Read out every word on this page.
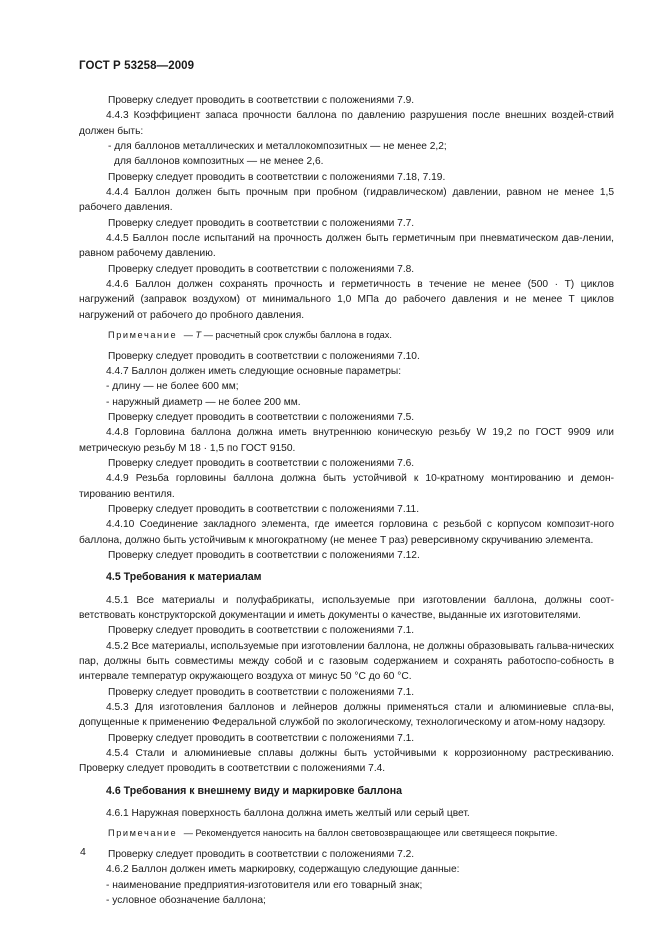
ГОСТ Р 53258—2009

Проверку следует проводить в соответствии с положениями 7.9.

4.4.3 Коэффициент запаса прочности баллона по давлению разрушения после внешних воздей-ствий должен быть:

- для баллонов металлических и металлокомпозитных — не менее 2,2;

для баллонов композитных — не менее 2,6.

Проверку следует проводить в соответствии с положениями 7.18, 7.19.

4.4.4 Баллон должен быть прочным при пробном (гидравлическом) давлении, равном не менее 1,5 рабочего давления.

Проверку следует проводить в соответствии с положениями 7.7.

4.4.5 Баллон после испытаний на прочность должен быть герметичным при пневматическом дав-лении, равном рабочему давлению.

Проверку следует проводить в соответствии с положениями 7.8.

4.4.6 Баллон должен сохранять прочность и герметичность в течение не менее (500 · T) циклов нагружений (заправок воздухом) от минимального 1,0 МПа до рабочего давления и не менее T циклов нагружений от рабочего до пробного давления.

Примечание — T — расчетный срок службы баллона в годах.

Проверку следует проводить в соответствии с положениями 7.10.

4.4.7 Баллон должен иметь следующие основные параметры:

- длину — не более 600 мм;

- наружный диаметр — не более 200 мм.

Проверку следует проводить в соответствии с положениями 7.5.

4.4.8 Горловина баллона должна иметь внутреннюю коническую резьбу W 19,2 по ГОСТ 9909 или метрическую резьбу М 18 · 1,5 по ГОСТ 9150.

Проверку следует проводить в соответствии с положениями 7.6.

4.4.9 Резьба горловины баллона должна быть устойчивой к 10-кратному монтированию и демон-тированию вентиля.

Проверку следует проводить в соответствии с положениями 7.11.

4.4.10 Соединение закладного элемента, где имеется горловина с резьбой с корпусом композит-ного баллона, должно быть устойчивым к многократному (не менее T раз) реверсивному скручиванию элемента.

Проверку следует проводить в соответствии с положениями 7.12.

4.5 Требования к материалам

4.5.1 Все материалы и полуфабрикаты, используемые при изготовлении баллона, должны соот-ветствовать конструкторской документации и иметь документы о качестве, выданные их изготовителями.

Проверку следует проводить в соответствии с положениями 7.1.

4.5.2 Все материалы, используемые при изготовлении баллона, не должны образовывать гальва-нических пар, должны быть совместимы между собой и с газовым содержанием и сохранять работоспо-собность в интервале температур окружающего воздуха от минус 50 °С до 60 °С.

Проверку следует проводить в соответствии с положениями 7.1.

4.5.3 Для изготовления баллонов и лейнеров должны применяться стали и алюминиевые спла-вы, допущенные к применению Федеральной службой по экологическому, технологическому и атом-ному надзору.

Проверку следует проводить в соответствии с положениями 7.1.

4.5.4 Стали и алюминиевые сплавы должны быть устойчивыми к коррозионному растрескиванию. Проверку следует проводить в соответствии с положениями 7.4.

4.6 Требования к внешнему виду и маркировке баллона

4.6.1 Наружная поверхность баллона должна иметь желтый или серый цвет.

Примечание — Рекомендуется наносить на баллон световозвращающее или светящееся покрытие.

Проверку следует проводить в соответствии с положениями 7.2.

4.6.2 Баллон должен иметь маркировку, содержащую следующие данные:

- наименование предприятия-изготовителя или его товарный знак;

- условное обозначение баллона;

4
